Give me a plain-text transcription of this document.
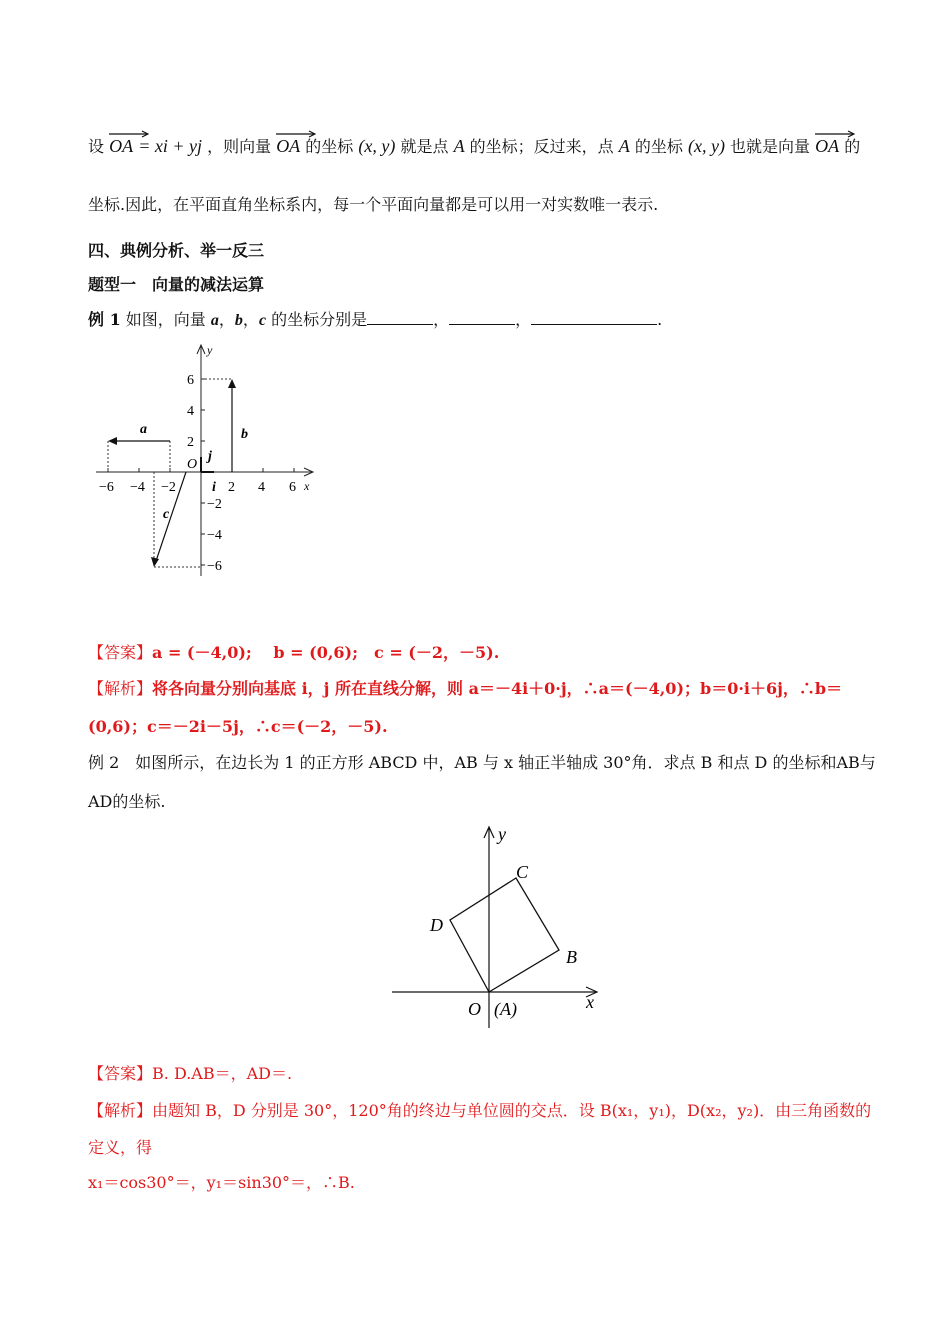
设 OA = xi + yj ，则向量 OA 的坐标 (x, y) 就是点 A 的坐标；反过来，点 A 的坐标 (x, y) 也就是向量 OA 的
坐标.因此，在平面直角坐标系内，每一个平面向量都是可以用一对实数唯一表示.
四、典例分析、举一反三
题型一　向量的减法运算
例 1 如图，向量 a，b，c 的坐标分别是	，	，	.
y
x
−6 −4 −2	2 4 6
6
4
2
−2
−4
−6
O
a	b
c
i
j
【答案】a = (－4,0);　 b = (0,6);　c = (－2，－5).
【解析】将各向量分别向基底 i，j 所在直线分解，则 a＝－4i＋0·j，∴a＝(－4,0)；b＝0·i＋6j，∴b＝
(0,6)；c＝－2i－5j，∴c＝(－2，－5).
例 2　如图所示，在边长为 1 的正方形 ABCD 中，AB 与 x 轴正半轴成 30°角．求点 B 和点 D 的坐标和AB与
AD的坐标.
y
x
C
B
D
O (A)
【答案】B. D.AB＝，AD＝.
【解析】由题知 B，D 分别是 30°，120°角的终边与单位圆的交点．设 B(x₁，y₁)，D(x₂，y₂)．由三角函数的
定义，得
x₁＝cos30°＝，y₁＝sin30°＝，∴B.
